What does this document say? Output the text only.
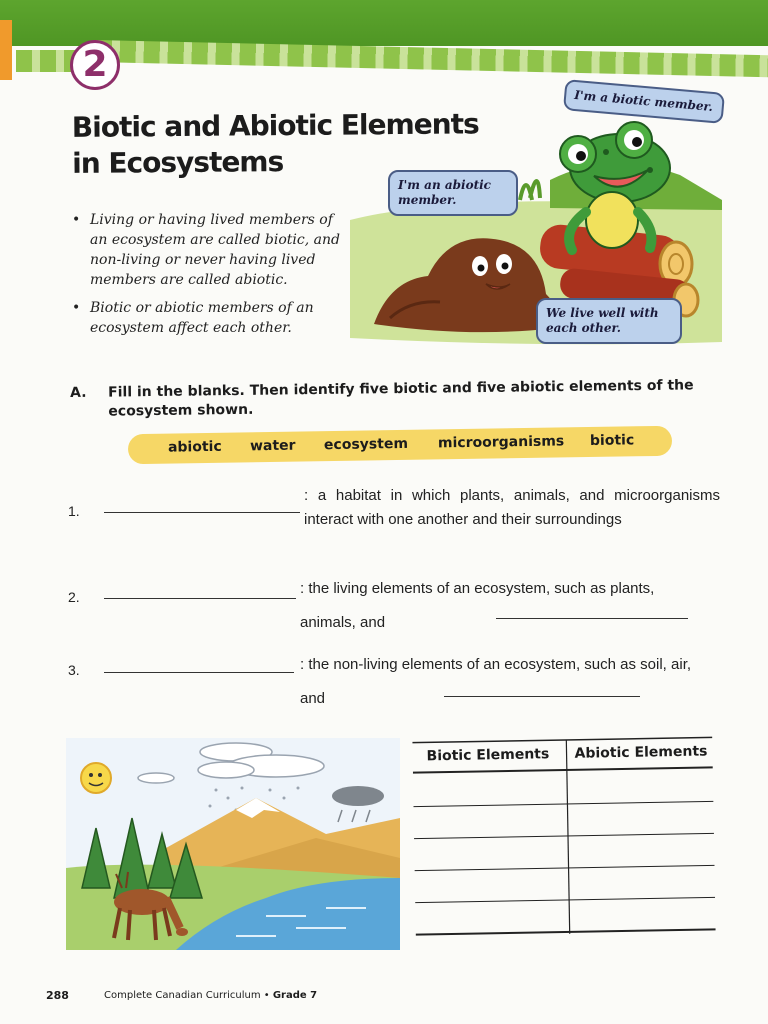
2
Biotic and Abiotic Elements
in Ecosystems
• Living or having lived members of an ecosystem are called biotic, and non-living or never having lived members are called abiotic.
• Biotic or abiotic members of an ecosystem affect each other.
I'm a biotic member.
I'm an abiotic member.
We live well with each other.
A. Fill in the blanks. Then identify five biotic and five abiotic elements of the ecosystem shown.
abiotic water ecosystem microorganisms biotic
1.
: a habitat in which plants, animals, and microorganisms interact with one another and their surroundings
2.	: the living elements of an ecosystem, such as plants, animals, and
3.	: the non-living elements of an ecosystem, such as soil, air, and
Biotic Elements Abiotic Elements
288	Complete Canadian Curriculum • Grade 7
